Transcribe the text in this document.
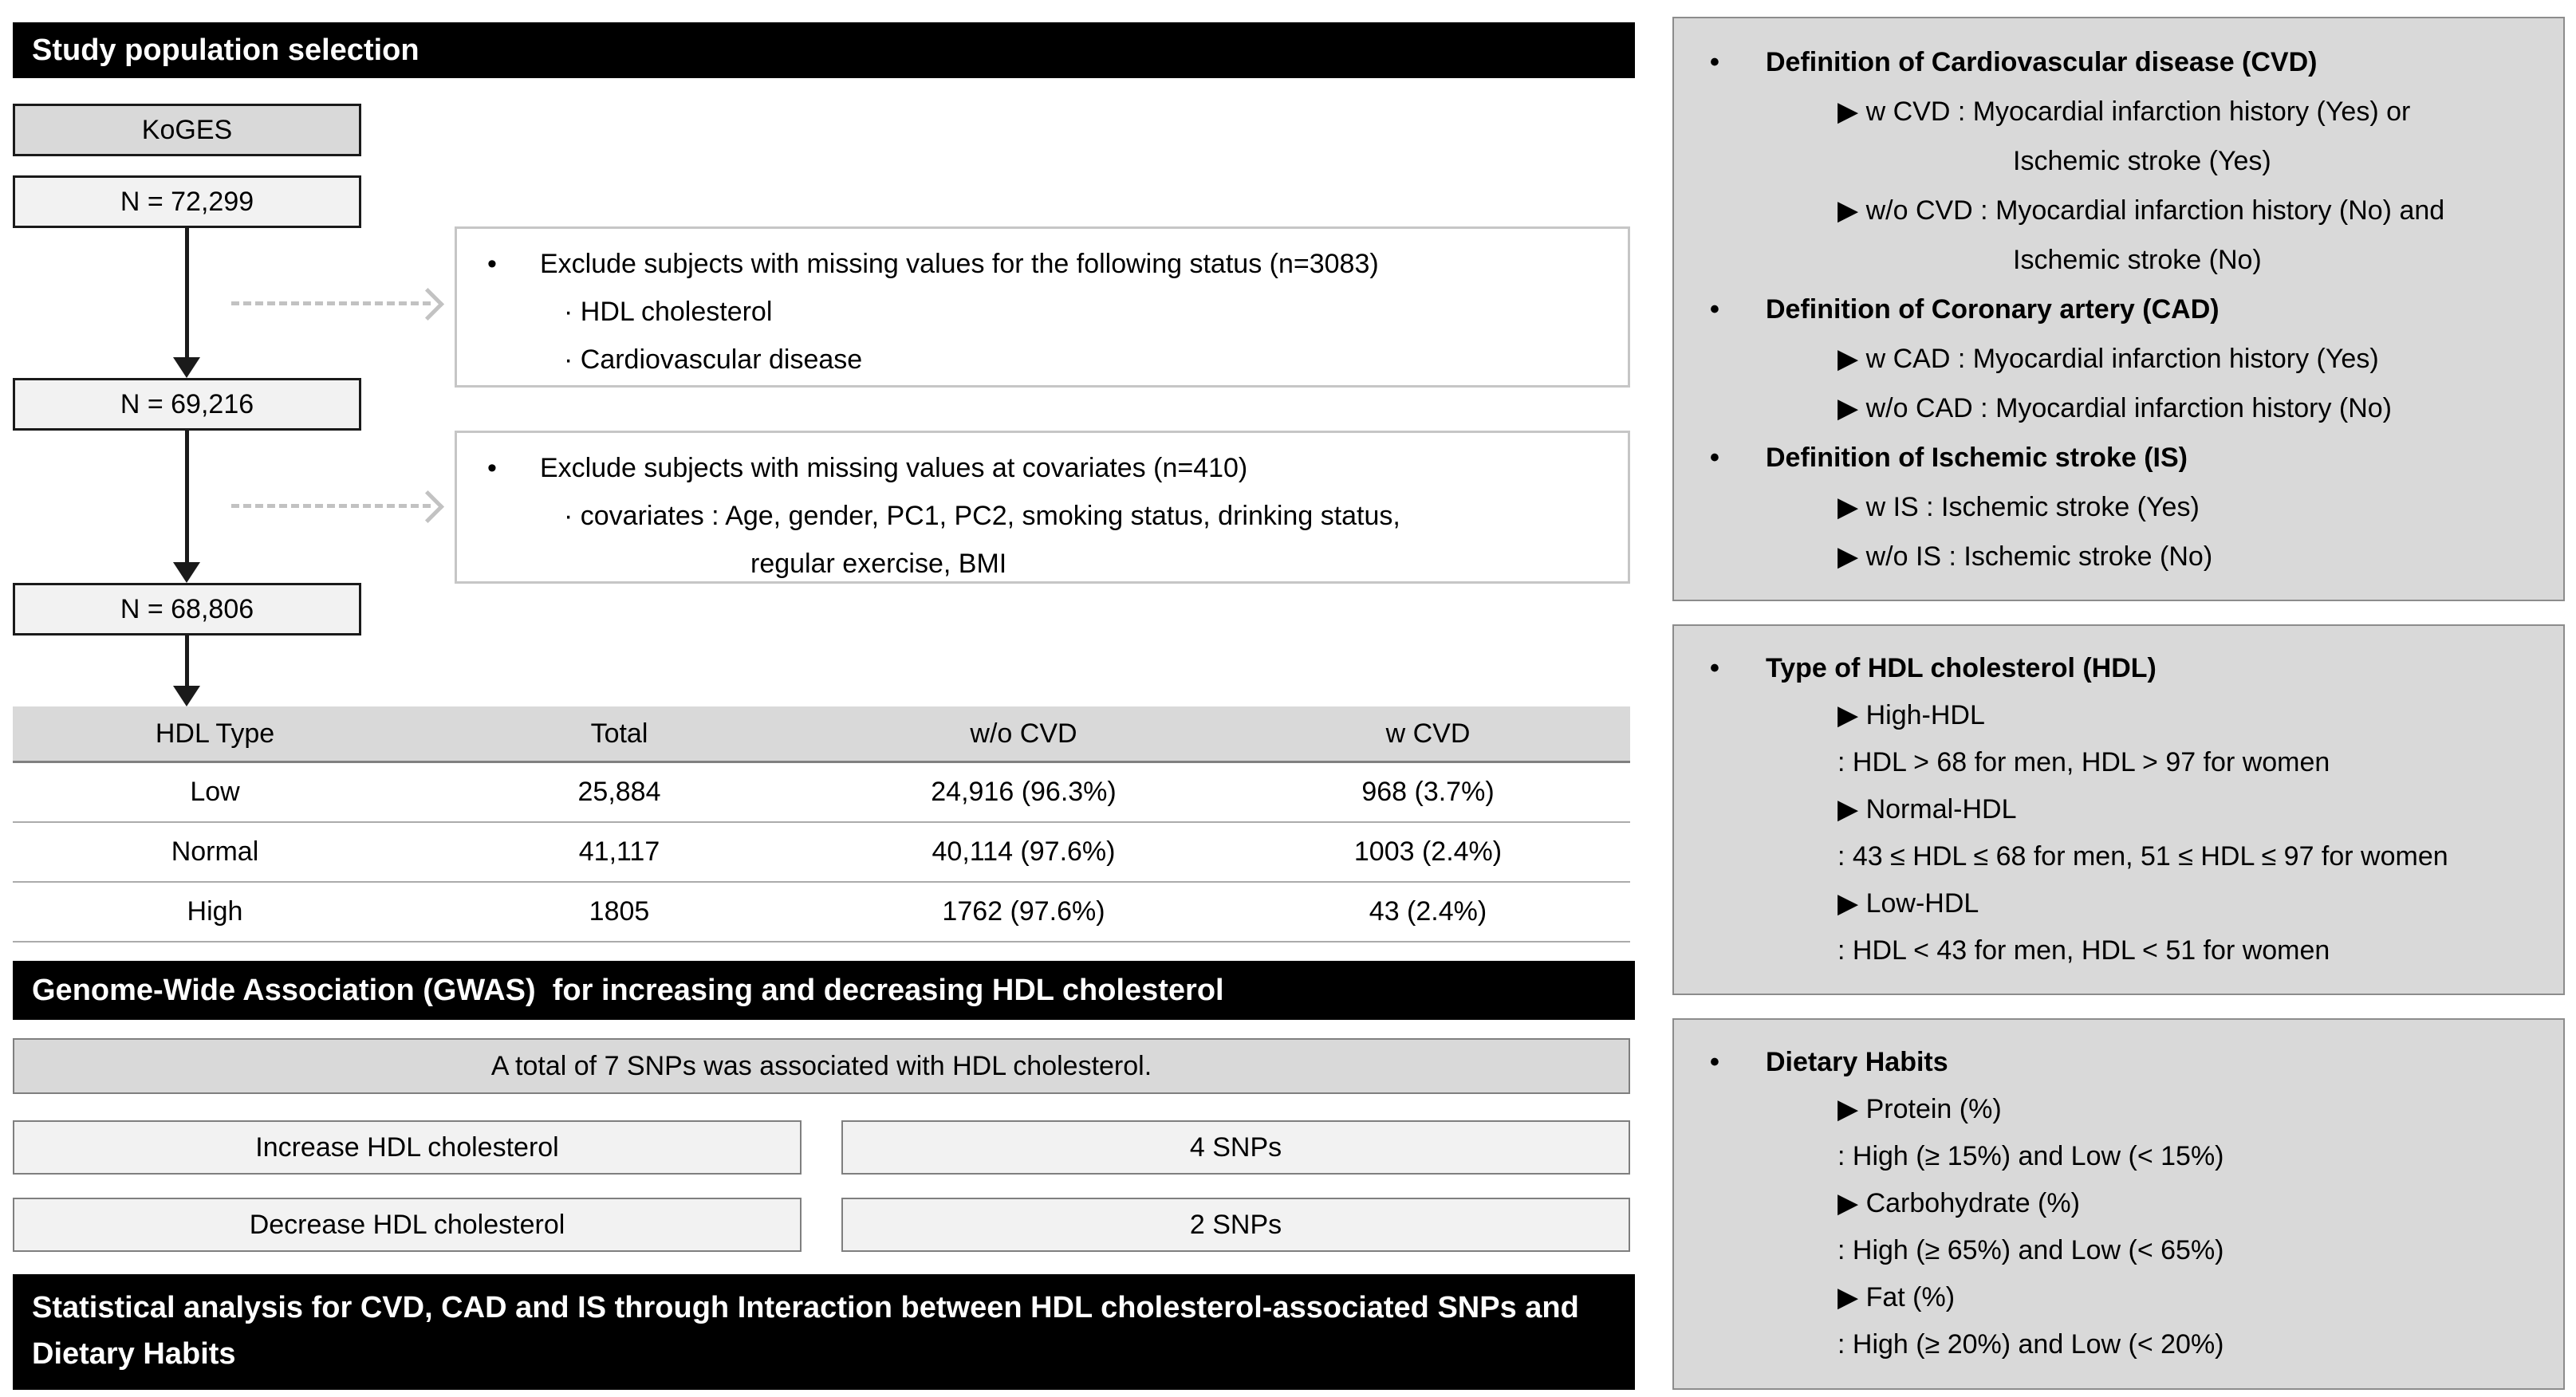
Study population selection
KoGES
N = 72,299
N = 69,216
N = 68,806
•	Exclude subjects with missing values for the following status (n=3083)
· HDL cholesterol
· Cardiovascular disease
•	Exclude subjects with missing values at covariates (n=410)
· covariates : Age, gender, PC1, PC2, smoking status, drinking status,
regular exercise, BMI
HDL Type	Total	w/o CVD	w CVD
Low	25,884	24,916 (96.3%)	968 (3.7%)
Normal	41,117	40,114 (97.6%)	1003 (2.4%)
High	1805	1762 (97.6%)	43 (2.4%)
Genome-Wide Association (GWAS)  for increasing and decreasing HDL cholesterol
A total of 7 SNPs was associated with HDL cholesterol.
Increase HDL cholesterol	4 SNPs
Decrease HDL cholesterol	2 SNPs
Statistical analysis for CVD, CAD and IS through Interaction between HDL cholesterol-associated SNPs and Dietary Habits
•	Definition of Cardiovascular disease (CVD)
▶ w CVD : Myocardial infarction history (Yes) or
Ischemic stroke (Yes)
▶ w/o CVD : Myocardial infarction history (No) and
Ischemic stroke (No)
•	Definition of Coronary artery (CAD)
▶ w CAD : Myocardial infarction history (Yes)
▶ w/o CAD : Myocardial infarction history (No)
•	Definition of Ischemic stroke (IS)
▶ w IS : Ischemic stroke (Yes)
▶ w/o IS : Ischemic stroke (No)
•	Type of HDL cholesterol (HDL)
▶ High-HDL
: HDL > 68 for men, HDL > 97 for women
▶ Normal-HDL
: 43 ≤ HDL ≤ 68 for men, 51 ≤ HDL ≤ 97 for women
▶ Low-HDL
: HDL < 43 for men, HDL < 51 for women
•	Dietary Habits
▶ Protein (%)
: High (≥ 15%) and Low (< 15%)
▶ Carbohydrate (%)
: High (≥ 65%) and Low (< 65%)
▶ Fat (%)
: High (≥ 20%) and Low (< 20%)
